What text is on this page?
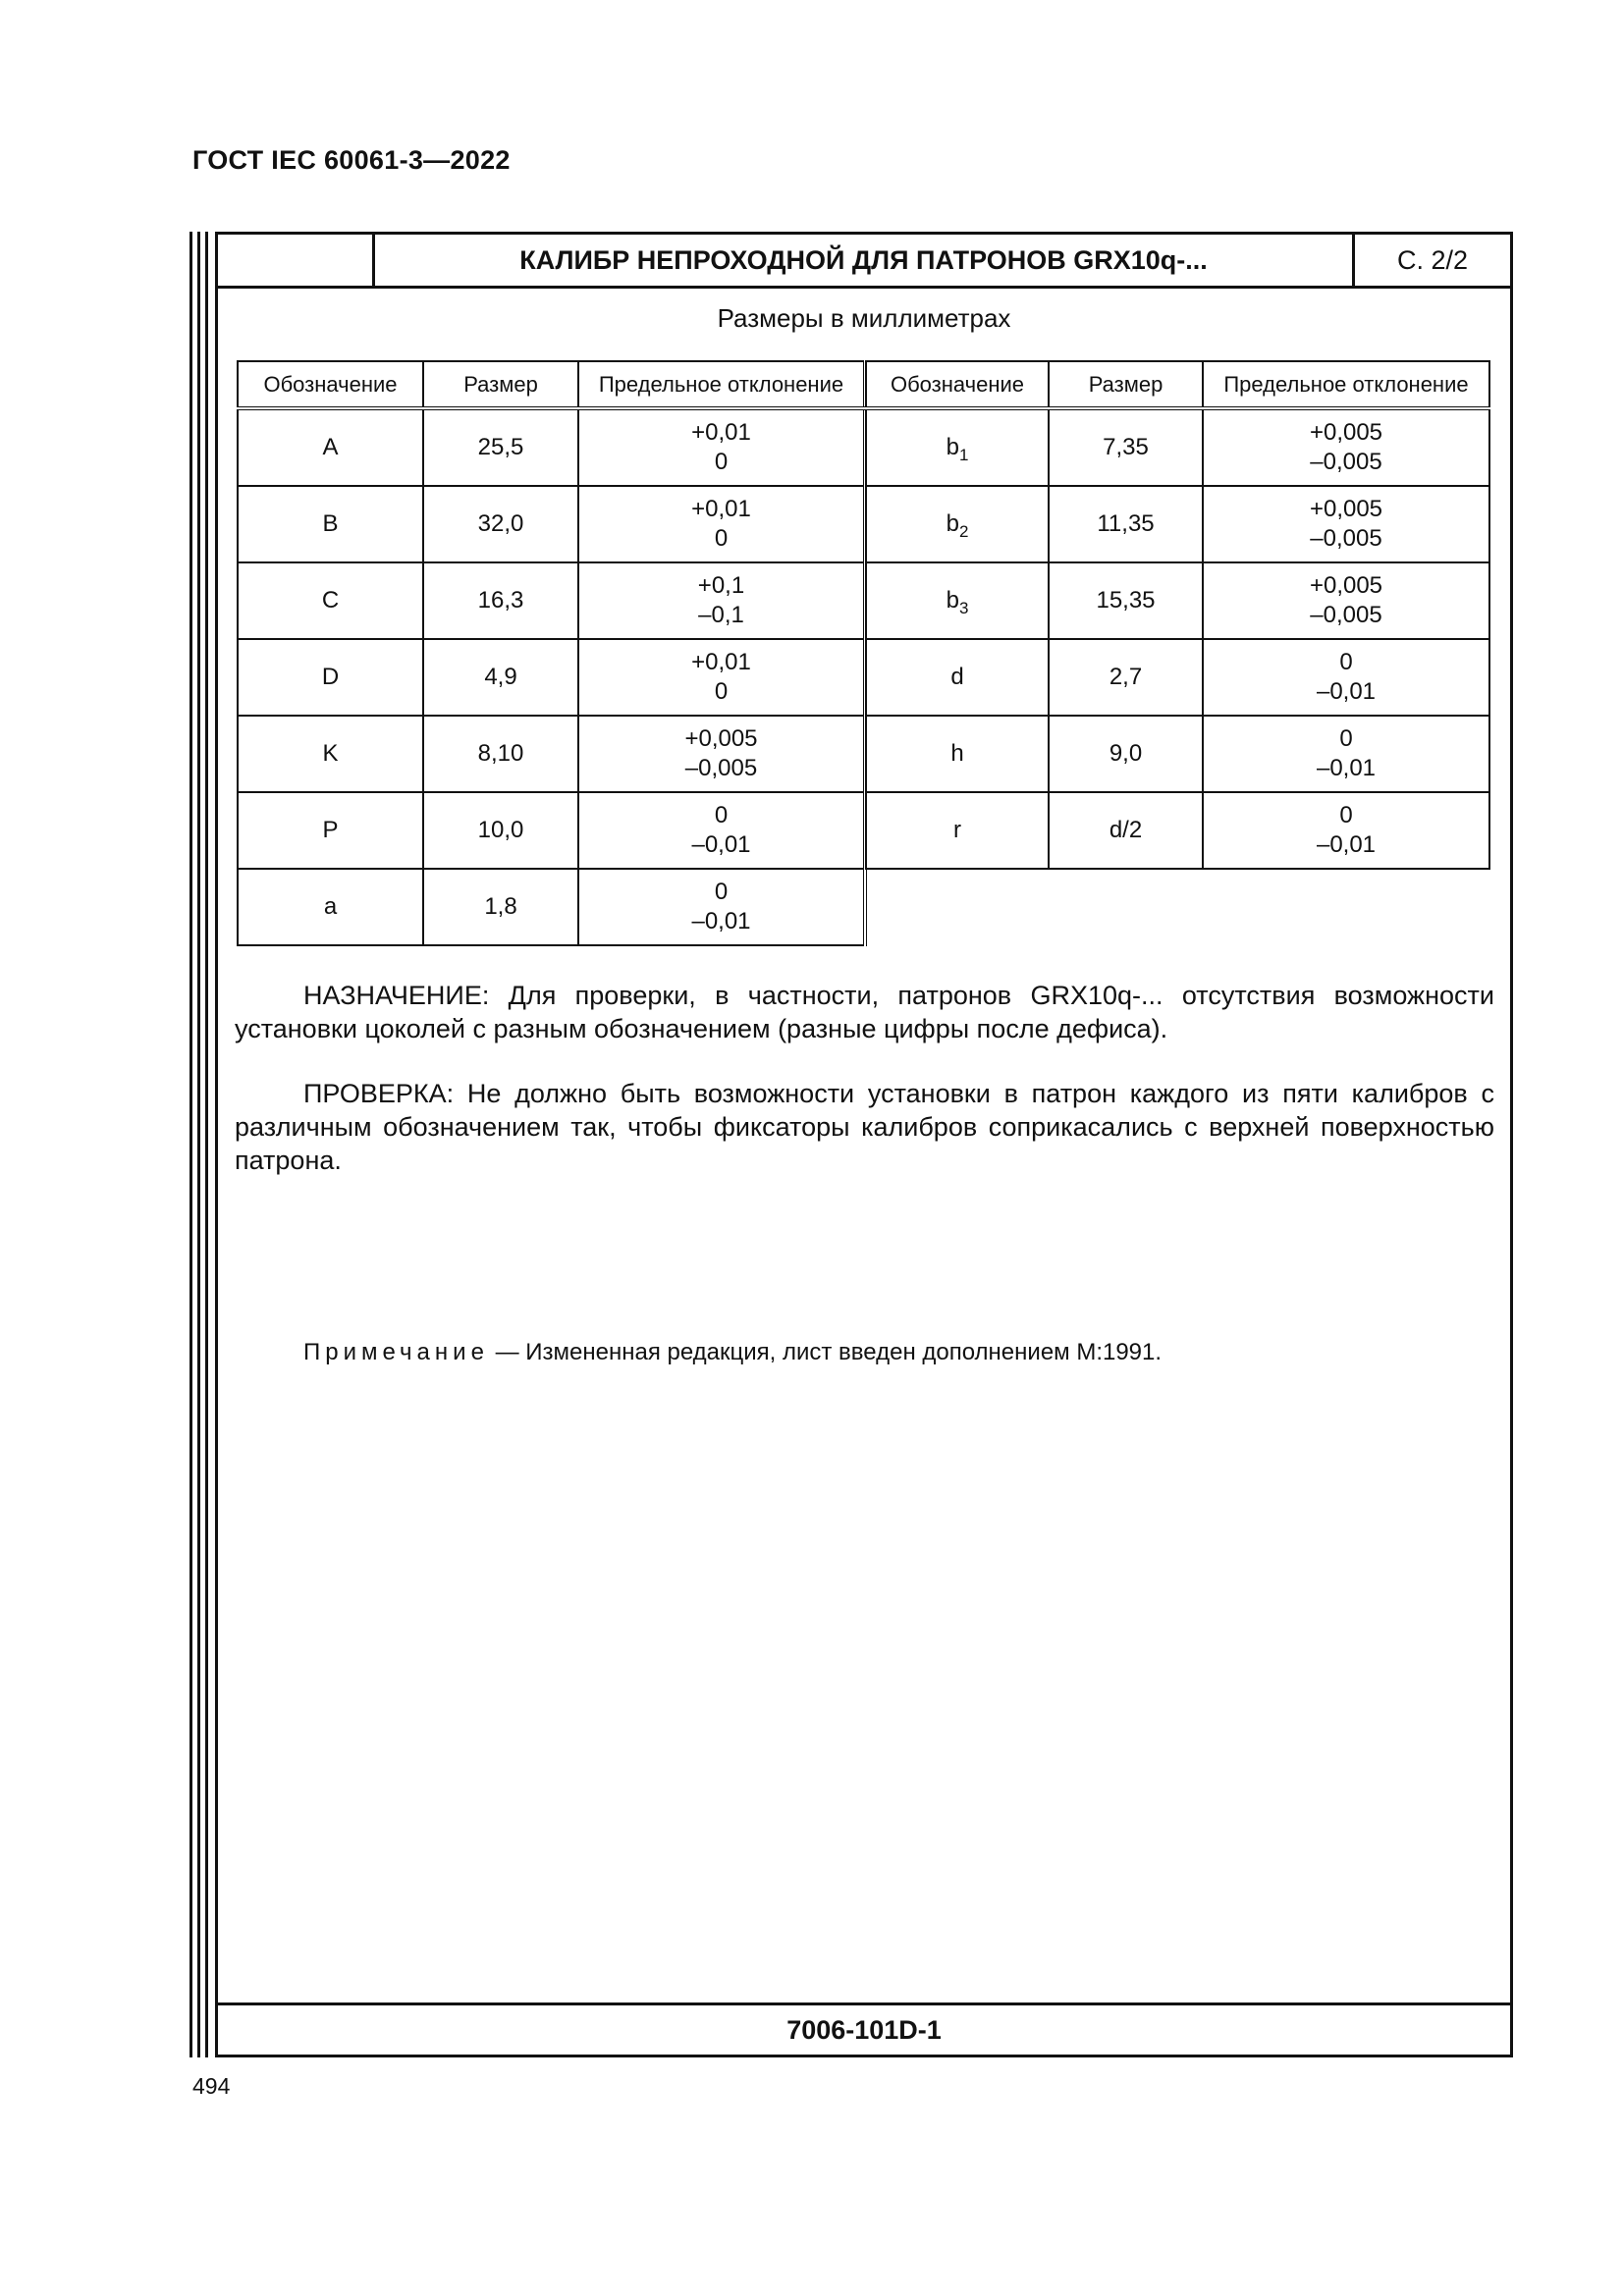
ГОСТ IEC 60061-3—2022
КАЛИБР НЕПРОХОДНОЙ ДЛЯ ПАТРОНОВ GRX10q-...	С. 2/2
Размеры в миллиметрах
Обозначение	Размер	Предельное отклонение
A	25,5	+0,01
0

B	32,0	+0,01
0

C	16,3	+0,1
–0,1

D	4,9	+0,01
0

K	8,10	+0,005
–0,005

P	10,0	0
–0,01

a	1,8	0
–0,01
Обозначение	Размер	Предельное отклонение
$b_1$	7,35	+0,005
–0,005

$b_2$	11,35	+0,005
–0,005

$b_3$	15,35	+0,005
–0,005

d	2,7	0
–0,01

h	9,0	0
–0,01

r	d/2	0
–0,01
НАЗНАЧЕНИЕ: Для проверки, в частности, патронов GRX10q-... отсутствия возможности установки цоколей с разным обозначением (разные цифры после дефиса).
ПРОВЕРКА: Не должно быть возможности установки в патрон каждого из пяти калибров с различным обозначением так, чтобы фиксаторы калибров соприкасались с верхней поверхностью патрона.
Примечание — Измененная редакция, лист введен дополнением М:1991.
7006-101D-1
494
